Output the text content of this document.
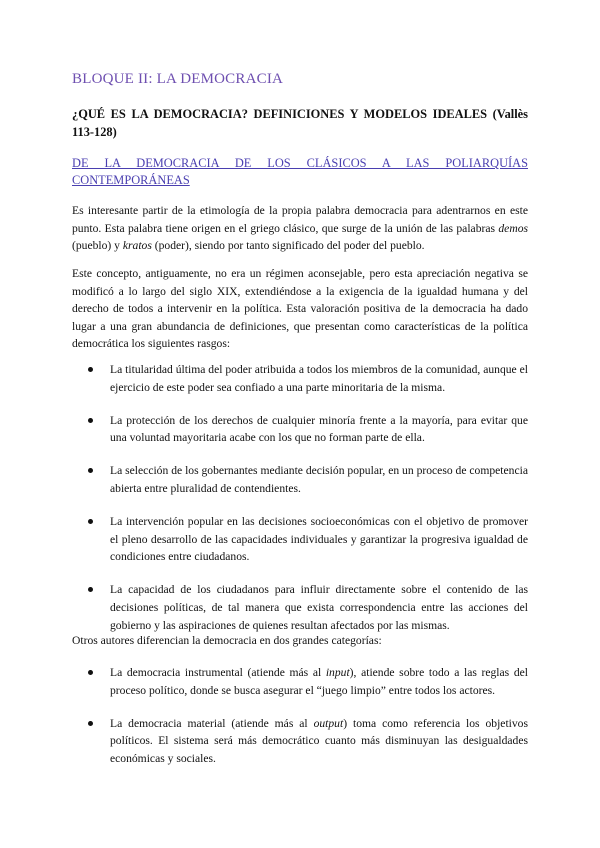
BLOQUE II: LA DEMOCRACIA
¿QUÉ ES LA DEMOCRACIA? DEFINICIONES Y MODELOS IDEALES (Vallès 113-128)
DE LA DEMOCRACIA DE LOS CLÁSICOS A LAS POLIARQUÍAS CONTEMPORÁNEAS

Es interesante partir de la etimología de la propia palabra democracia para adentrarnos en este punto. Esta palabra tiene origen en el griego clásico, que surge de la unión de las palabras demos (pueblo) y kratos (poder), siendo por tanto significado del poder del pueblo.

Este concepto, antiguamente, no era un régimen aconsejable, pero esta apreciación negativa se modificó a lo largo del siglo XIX, extendiéndose a la exigencia de la igualdad humana y del derecho de todos a intervenir en la política. Esta valoración positiva de la democracia ha dado lugar a una gran abundancia de definiciones, que presentan como características de la política democrática los siguientes rasgos:

La titularidad última del poder atribuida a todos los miembros de la comunidad, aunque el ejercicio de este poder sea confiado a una parte minoritaria de la misma.
La protección de los derechos de cualquier minoría frente a la mayoría, para evitar que una voluntad mayoritaria acabe con los que no forman parte de ella.
La selección de los gobernantes mediante decisión popular, en un proceso de competencia abierta entre pluralidad de contendientes.
La intervención popular en las decisiones socioeconómicas con el objetivo de promover el pleno desarrollo de las capacidades individuales y garantizar la progresiva igualdad de condiciones entre ciudadanos.
La capacidad de los ciudadanos para influir directamente sobre el contenido de las decisiones políticas, de tal manera que exista correspondencia entre las acciones del gobierno y las aspiraciones de quienes resultan afectados por las mismas.

Otros autores diferencian la democracia en dos grandes categorías:

La democracia instrumental (atiende más al input), atiende sobre todo a las reglas del proceso político, donde se busca asegurar el “juego limpio” entre todos los actores.
La democracia material (atiende más al output) toma como referencia los objetivos políticos. El sistema será más democrático cuanto más disminuyan las desigualdades económicas y sociales.
